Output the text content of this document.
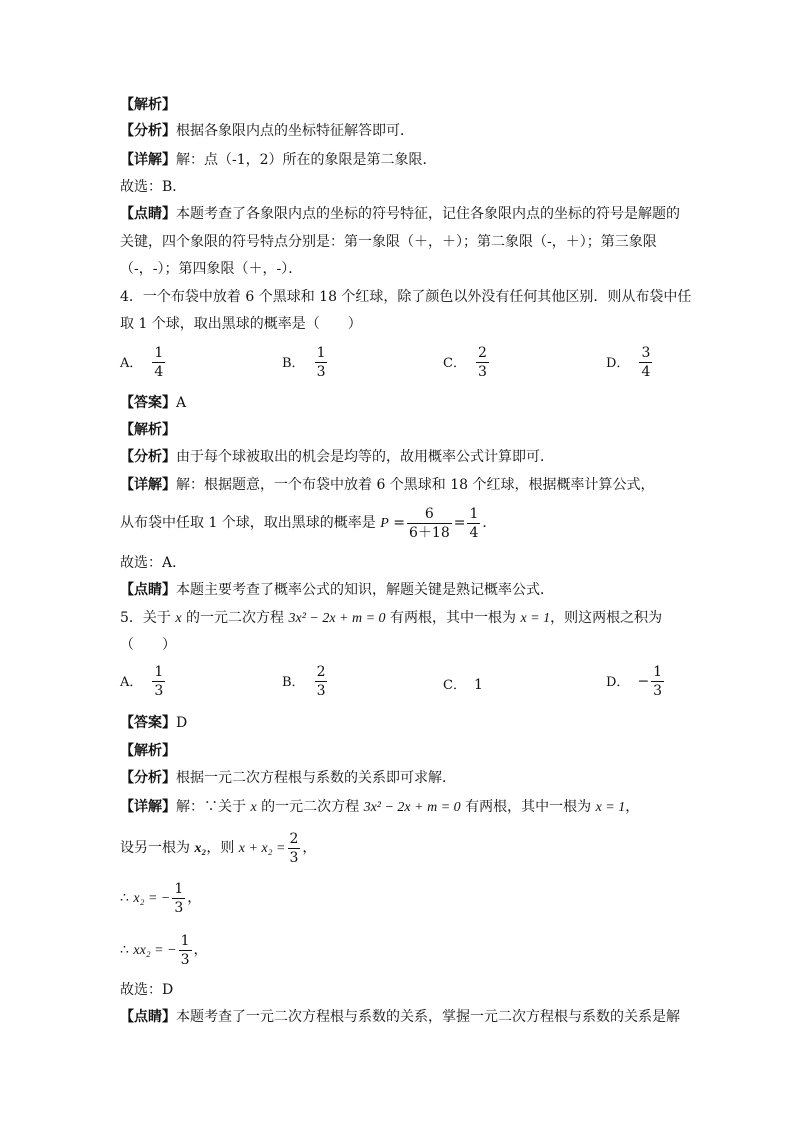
【解析】
【分析】根据各象限内点的坐标特征解答即可．
【详解】解：点（-1，2）所在的象限是第二象限．
故选：B．
【点睛】本题考查了各象限内点的坐标的符号特征，记住各象限内点的坐标的符号是解题的
关键，四个象限的符号特点分别是：第一象限（＋，＋）；第二象限（-，＋）；第三象限
（-，-）；第四象限（＋，-）．
4．一个布袋中放着 6 个黑球和 18 个红球，除了颜色以外没有任何其他区别．则从布袋中任
取 1 个球，取出黑球的概率是（　　）
A． $\frac{1}{4}$	B． $\frac{1}{3}$	C． $\frac{2}{3}$	D． $\frac{3}{4}$
【答案】A
【解析】
【分析】由于每个球被取出的机会是均等的，故用概率公式计算即可．
【详解】解：根据题意，一个布袋中放着 6 个黑球和 18 个红球，根据概率计算公式，
从布袋中任取 1 个球，取出黑球的概率是 $P = \frac{6}{6+18} = \frac{1}{4}$ ．
故选：A．
【点睛】本题主要考查了概率公式的知识，解题关键是熟记概率公式．
5．关于 x 的一元二次方程 3x² − 2x + m = 0 有两根，其中一根为 x = 1，则这两根之积为
（　　）
A． $\frac{1}{3}$	B． $\frac{2}{3}$	C． 1	D． − $\frac{1}{3}$
【答案】D
【解析】
【分析】根据一元二次方程根与系数的关系即可求解．
【详解】解：∵关于 x 的一元二次方程 3x² − 2x + m = 0 有两根，其中一根为 x = 1，
设另一根为 x₂，则 $x + x_2 = \frac{2}{3}$ ，
∴ x₂ = − $\frac{1}{3}$ ，
∴ xx₂ = − $\frac{1}{3}$ ，
故选：D
【点睛】本题考查了一元二次方程根与系数的关系，掌握一元二次方程根与系数的关系是解
